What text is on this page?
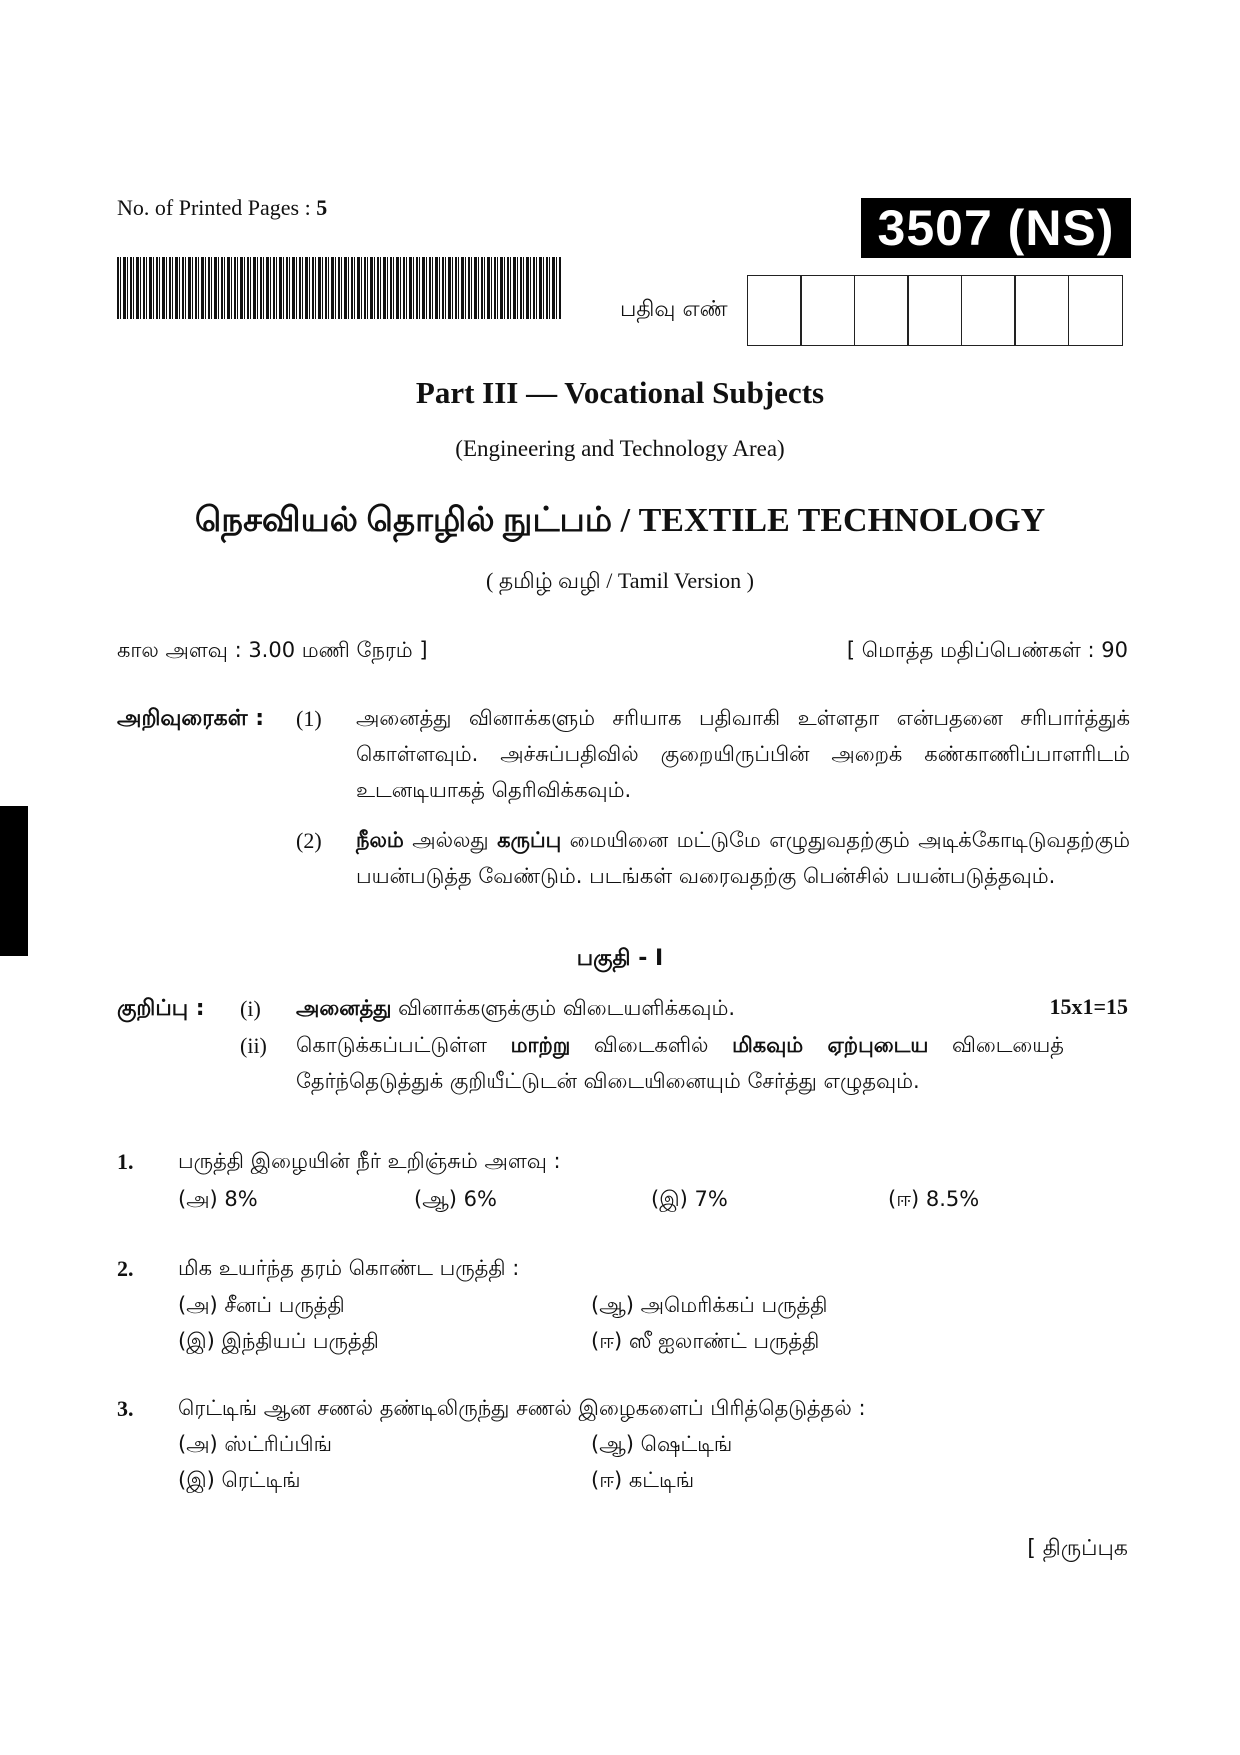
No. of Printed Pages : 5	3507 (NS)
பதிவு எண்
Part III — Vocational Subjects
(Engineering and Technology Area)
நெசவியல் தொழில் நுட்பம் / TEXTILE TECHNOLOGY
( தமிழ் வழி / Tamil Version )
கால அளவு : 3.00 மணி நேரம் ]	[ மொத்த மதிப்பெண்கள் : 90
அறிவுரைகள் : (1) அனைத்து வினாக்களும் சரியாக பதிவாகி உள்ளதா என்பதனை சரிபார்த்துக் கொள்ளவும். அச்சுப்பதிவில் குறையிருப்பின் அறைக் கண்காணிப்பாளரிடம் உடனடியாகத் தெரிவிக்கவும்.
(2) நீலம் அல்லது கருப்பு மையினை மட்டுமே எழுதுவதற்கும் அடிக்கோடிடுவதற்கும் பயன்படுத்த வேண்டும். படங்கள் வரைவதற்கு பென்சில் பயன்படுத்தவும்.
பகுதி - I
குறிப்பு : (i) அனைத்து வினாக்களுக்கும் விடையளிக்கவும்.	15x1=15
(ii) கொடுக்கப்பட்டுள்ள மாற்று விடைகளில் மிகவும் ஏற்புடைய விடையைத் தேர்ந்தெடுத்துக் குறியீட்டுடன் விடையினையும் சேர்த்து எழுதவும்.
1. பருத்தி இழையின் நீர் உறிஞ்சும் அளவு :
(அ) 8%	(ஆ) 6%	(இ) 7%	(ஈ) 8.5%
2. மிக உயர்ந்த தரம் கொண்ட பருத்தி :
(அ) சீனப் பருத்தி	(ஆ) அமெரிக்கப் பருத்தி
(இ) இந்தியப் பருத்தி	(ஈ) ஸீ ஐலாண்ட் பருத்தி
3. ரெட்டிங் ஆன சணல் தண்டிலிருந்து சணல் இழைகளைப் பிரித்தெடுத்தல் :
(அ) ஸ்ட்ரிப்பிங்	(ஆ) ஷெட்டிங்
(இ) ரெட்டிங்	(ஈ) கட்டிங்
[ திருப்புக
